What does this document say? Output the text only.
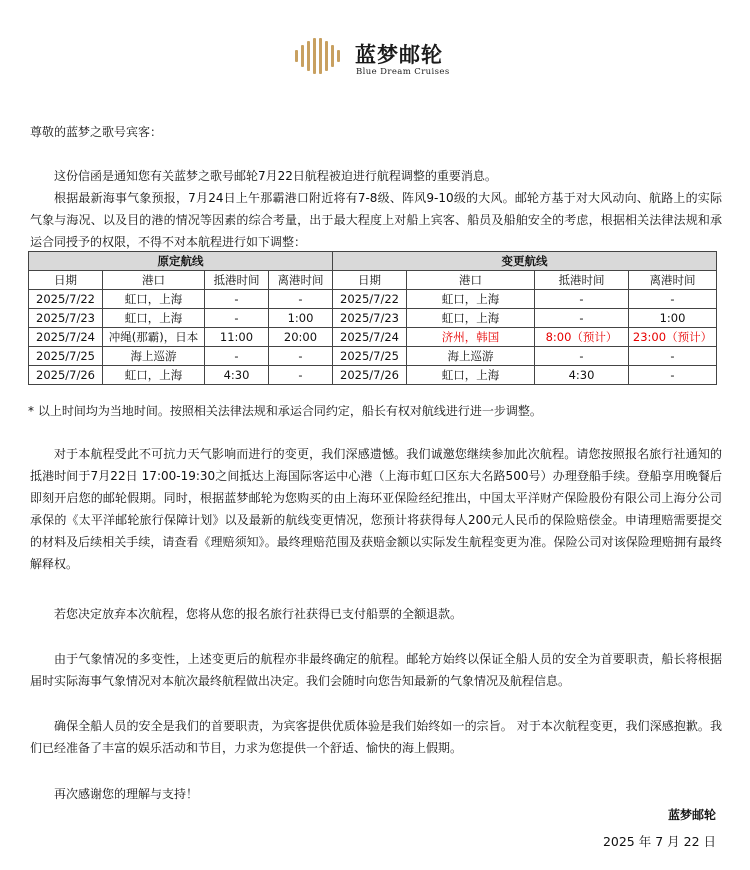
蓝梦邮轮
Blue Dream Cruises
尊敬的蓝梦之歌号宾客：

这份信函是通知您有关蓝梦之歌号邮轮7月22日航程被迫进行航程调整的重要消息。

根据最新海事气象预报，7月24日上午那霸港口附近将有7-8级、阵风9-10级的大风。邮轮方基于对大风动向、航路上的实际气象与海况、以及目的港的情况等因素的综合考量，出于最大程度上对船上宾客、船员及船舶安全的考虑，根据相关法律法规和承运合同授予的权限，不得不对本航程进行如下调整：

原定航线				变更航线			
日期	港口	抵港时间	离港时间	日期	港口	抵港时间	离港时间
2025/7/22	虹口，上海	-	-	2025/7/22	虹口，上海	-	-
2025/7/23	虹口，上海	-	1:00	2025/7/23	虹口，上海	-	1:00
2025/7/24	冲绳(那霸)，日本	11:00	20:00	2025/7/24	济州，韩国	8:00（预计）	23:00（预计）
2025/7/25	海上巡游	-	-	2025/7/25	海上巡游	-	-
2025/7/26	虹口，上海	4:30	-	2025/7/26	虹口，上海	4:30	-
* 以上时间均为当地时间。按照相关法律法规和承运合同约定，船长有权对航线进行进一步调整。

对于本航程受此不可抗力天气影响而进行的变更，我们深感遗憾。我们诚邀您继续参加此次航程。请您按照报名旅行社通知的抵港时间于7月22日 17:00-19:30之间抵达上海国际客运中心港（上海市虹口区东大名路500号）办理登船手续。登船享用晚餐后即刻开启您的邮轮假期。同时，根据蓝梦邮轮为您购买的由上海环亚保险经纪推出，中国太平洋财产保险股份有限公司上海分公司承保的《太平洋邮轮旅行保障计划》以及最新的航线变更情况，您预计将获得每人200元人民币的保险赔偿金。申请理赔需要提交的材料及后续相关手续，请查看《理赔须知》。最终理赔范围及获赔金额以实际发生航程变更为准。保险公司对该保险理赔拥有最终解释权。

若您决定放弃本次航程，您将从您的报名旅行社获得已支付船票的全额退款。

由于气象情况的多变性，上述变更后的航程亦非最终确定的航程。邮轮方始终以保证全船人员的安全为首要职责，船长将根据届时实际海事气象情况对本航次最终航程做出决定。我们会随时向您告知最新的气象情况及航程信息。

确保全船人员的安全是我们的首要职责，为宾客提供优质体验是我们始终如一的宗旨。 对于本次航程变更，我们深感抱歉。我们已经准备了丰富的娱乐活动和节目，力求为您提供一个舒适、愉快的海上假期。

再次感谢您的理解与支持！

蓝梦邮轮
2025 年 7 月 22 日
